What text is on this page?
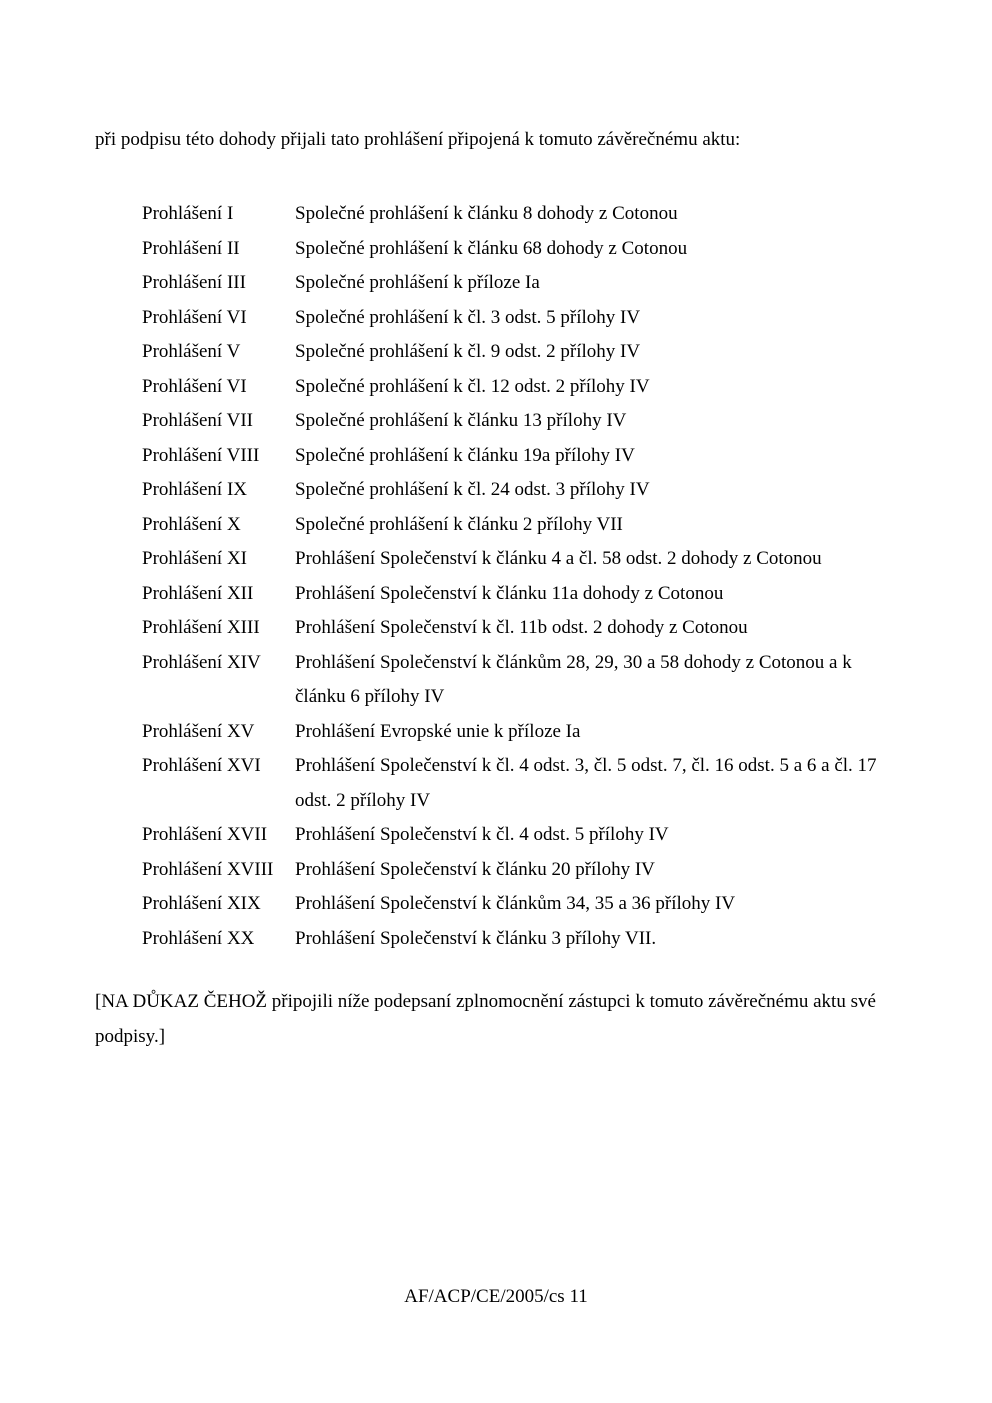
při podpisu této dohody přijali tato prohlášení připojená k tomuto závěrečnému aktu:
Prohlášení I	Společné prohlášení k článku 8 dohody z Cotonou
Prohlášení II	Společné prohlášení k článku 68 dohody z Cotonou
Prohlášení III	Společné prohlášení k příloze Ia
Prohlášení VI	Společné prohlášení k čl. 3 odst. 5 přílohy IV
Prohlášení V	Společné prohlášení k čl. 9 odst. 2 přílohy IV
Prohlášení VI	Společné prohlášení k čl. 12 odst. 2 přílohy IV
Prohlášení VII	Společné prohlášení k článku 13 přílohy IV
Prohlášení VIII	Společné prohlášení k článku 19a přílohy IV
Prohlášení IX	Společné prohlášení k čl. 24 odst. 3 přílohy IV
Prohlášení X	Společné prohlášení k článku 2 přílohy VII
Prohlášení XI	Prohlášení Společenství k článku 4 a čl. 58 odst. 2 dohody z Cotonou
Prohlášení XII	Prohlášení Společenství k článku 11a dohody z Cotonou
Prohlášení XIII	Prohlášení Společenství k čl. 11b odst. 2 dohody z Cotonou
Prohlášení XIV	Prohlášení Společenství k článkům 28, 29, 30 a 58 dohody z Cotonou a k článku 6 přílohy IV
Prohlášení XV	Prohlášení Evropské unie k příloze Ia
Prohlášení XVI	Prohlášení Společenství k čl. 4 odst. 3, čl. 5 odst. 7, čl. 16 odst. 5 a 6 a čl. 17 odst. 2 přílohy IV
Prohlášení XVII	Prohlášení Společenství k čl. 4 odst. 5 přílohy IV
Prohlášení XVIII	Prohlášení Společenství k článku 20 přílohy IV
Prohlášení XIX	Prohlášení Společenství k článkům 34, 35 a 36 přílohy IV
Prohlášení XX	Prohlášení Společenství k článku 3 přílohy VII.
[NA DŮKAZ ČEHOŽ připojili níže podepsaní zplnomocnění zástupci k tomuto závěrečnému aktu své podpisy.]
AF/ACP/CE/2005/cs 11
